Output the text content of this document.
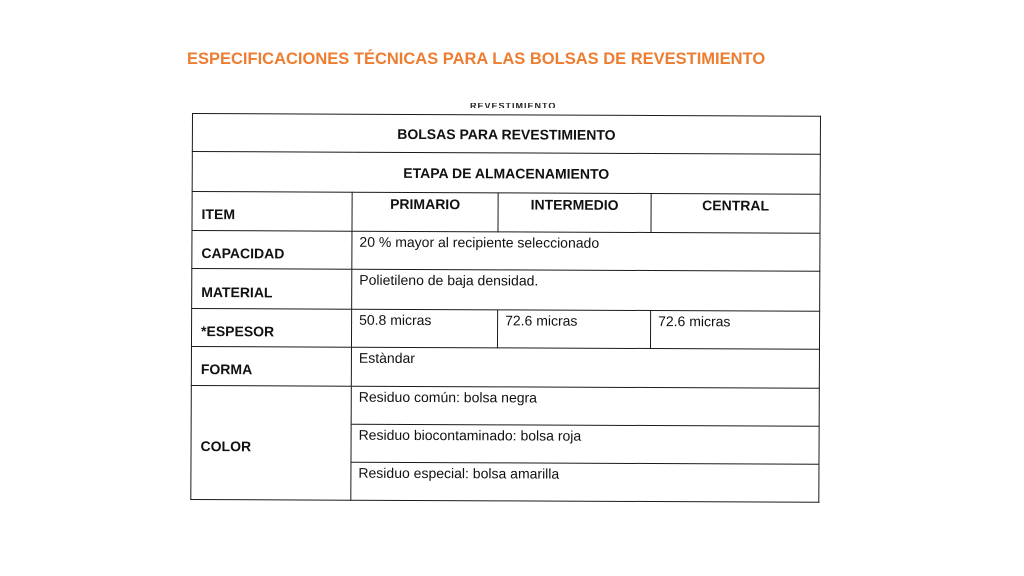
ESPECIFICACIONES TÉCNICAS PARA LAS BOLSAS DE REVESTIMIENTO
REVESTIMIENTO
BOLSAS PARA REVESTIMIENTO			
ETAPA DE ALMACENAMIENTO			
ITEM	PRIMARIO	INTERMEDIO	CENTRAL
CAPACIDAD	20 % mayor al recipiente seleccionado		
MATERIAL	Polietileno de baja densidad.		
*ESPESOR	50.8 micras	72.6 micras	72.6 micras
FORMA	Estàndar		
COLOR	Residuo común: bolsa negra		
	Residuo biocontaminado: bolsa roja		
	Residuo especial: bolsa amarilla		
